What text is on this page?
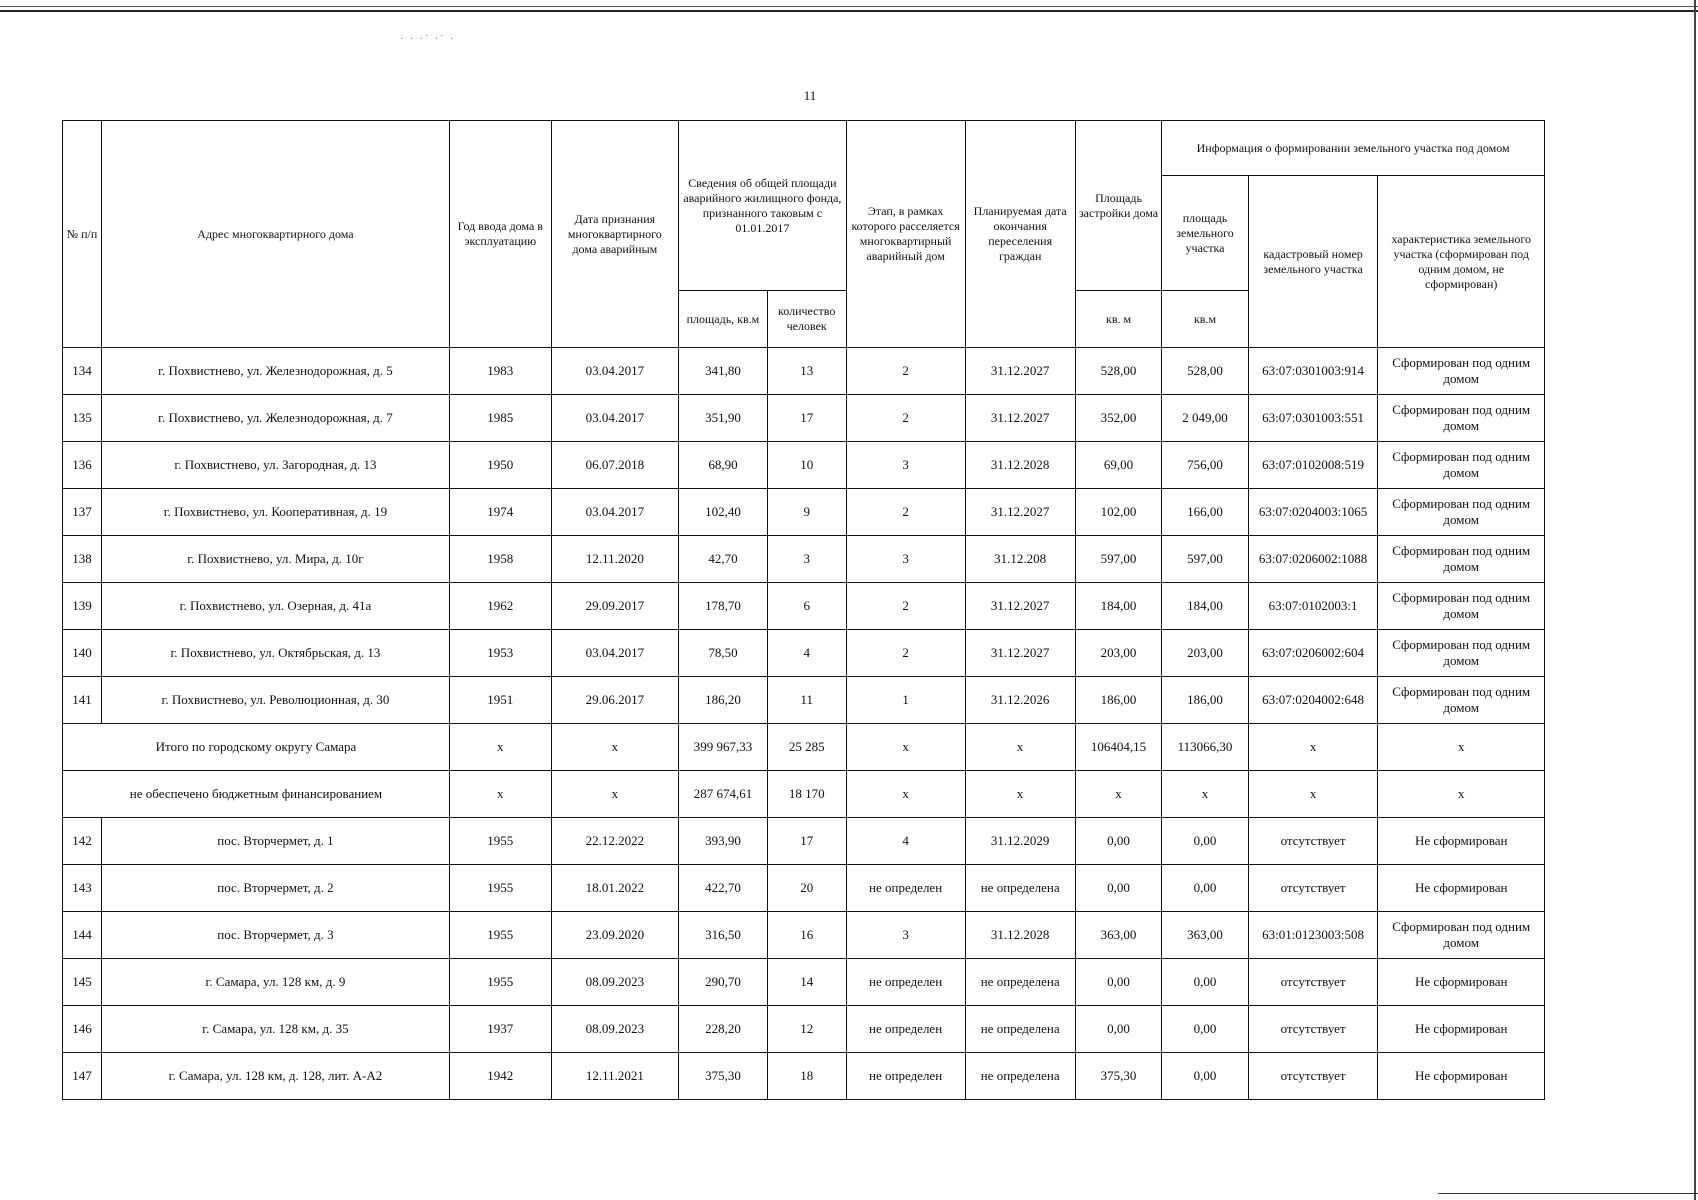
· · ·˙ ·˙ ·
11
№ п/п	Адрес многоквартирного дома	Год ввода дома в эксплуатацию	Дата признания многоквартирного дома аварийным	Сведения об общей площади аварийного жилищного фонда, признанного таковым с 01.01.2017		Этап, в рамках которого расселяется многоквартирный аварийный дом	Планируемая дата окончания переселения граждан	Площадь застройки дома	Информация о формировании земельного участка под домом		
									площадь земельного участка	кадастровый номер земельного участка	характеристика земельного участка (сформирован под одним домом, не сформирован)
				площадь, кв.м	количество человек			кв. м	кв.м		
134	г. Похвистнево, ул. Железнодорожная, д. 5	1983	03.04.2017	341,80	13	2	31.12.2027	528,00	528,00	63:07:0301003:914	Сформирован под одним домом
135	г. Похвистнево, ул. Железнодорожная, д. 7	1985	03.04.2017	351,90	17	2	31.12.2027	352,00	2 049,00	63:07:0301003:551	Сформирован под одним домом
136	г. Похвистнево, ул. Загородная, д. 13	1950	06.07.2018	68,90	10	3	31.12.2028	69,00	756,00	63:07:0102008:519	Сформирован под одним домом
137	г. Похвистнево, ул. Кооперативная, д. 19	1974	03.04.2017	102,40	9	2	31.12.2027	102,00	166,00	63:07:0204003:1065	Сформирован под одним домом
138	г. Похвистнево, ул. Мира, д. 10г	1958	12.11.2020	42,70	3	3	31.12.208	597,00	597,00	63:07:0206002:1088	Сформирован под одним домом
139	г. Похвистнево, ул. Озерная, д. 41а	1962	29.09.2017	178,70	6	2	31.12.2027	184,00	184,00	63:07:0102003:1	Сформирован под одним домом
140	г. Похвистнево, ул. Октябрьская, д. 13	1953	03.04.2017	78,50	4	2	31.12.2027	203,00	203,00	63:07:0206002:604	Сформирован под одним домом
141	г. Похвистнево, ул. Революционная, д. 30	1951	29.06.2017	186,20	11	1	31.12.2026	186,00	186,00	63:07:0204002:648	Сформирован под одним домом
Итого по городскому округу Самара		х	х	399 967,33	25 285	х	х	106404,15	113066,30	х	х
не обеспечено бюджетным финансированием		х	х	287 674,61	18 170	х	х	х	х	х	х
142	пос. Вторчермет, д. 1	1955	22.12.2022	393,90	17	4	31.12.2029	0,00	0,00	отсутствует	Не сформирован
143	пос. Вторчермет, д. 2	1955	18.01.2022	422,70	20	не определен	не определена	0,00	0,00	отсутствует	Не сформирован
144	пос. Вторчермет, д. 3	1955	23.09.2020	316,50	16	3	31.12.2028	363,00	363,00	63:01:0123003:508	Сформирован под одним домом
145	г. Самара, ул. 128 км, д. 9	1955	08.09.2023	290,70	14	не определен	не определена	0,00	0,00	отсутствует	Не сформирован
146	г. Самара, ул. 128 км, д. 35	1937	08.09.2023	228,20	12	не определен	не определена	0,00	0,00	отсутствует	Не сформирован
147	г. Самара, ул. 128 км, д. 128, лит. А-А2	1942	12.11.2021	375,30	18	не определен	не определена	375,30	0,00	отсутствует	Не сформирован
